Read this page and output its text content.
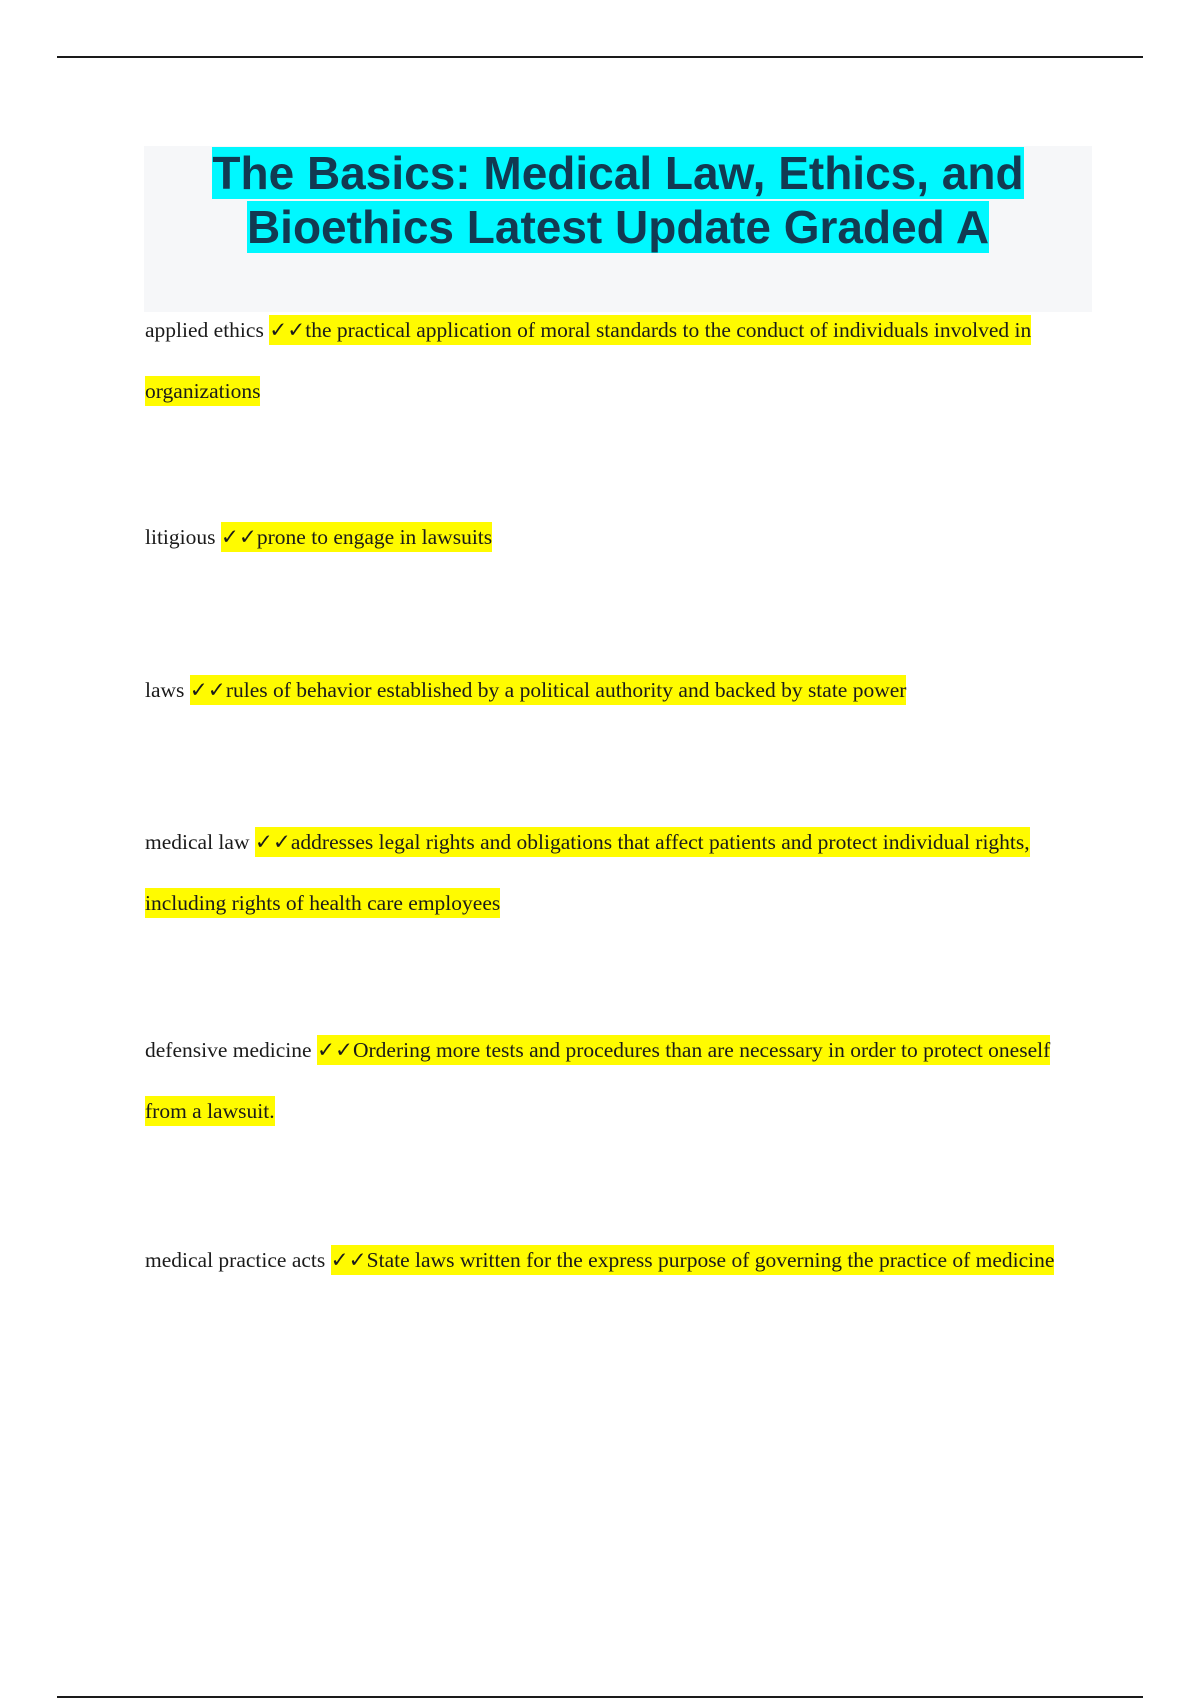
The Basics: Medical Law, Ethics, and Bioethics Latest Update Graded A
applied ethics ✓✓the practical application of moral standards to the conduct of individuals involved in organizations
litigious ✓✓prone to engage in lawsuits
laws ✓✓rules of behavior established by a political authority and backed by state power
medical law ✓✓addresses legal rights and obligations that affect patients and protect individual rights, including rights of health care employees
defensive medicine ✓✓Ordering more tests and procedures than are necessary in order to protect oneself from a lawsuit.
medical practice acts ✓✓State laws written for the express purpose of governing the practice of medicine
